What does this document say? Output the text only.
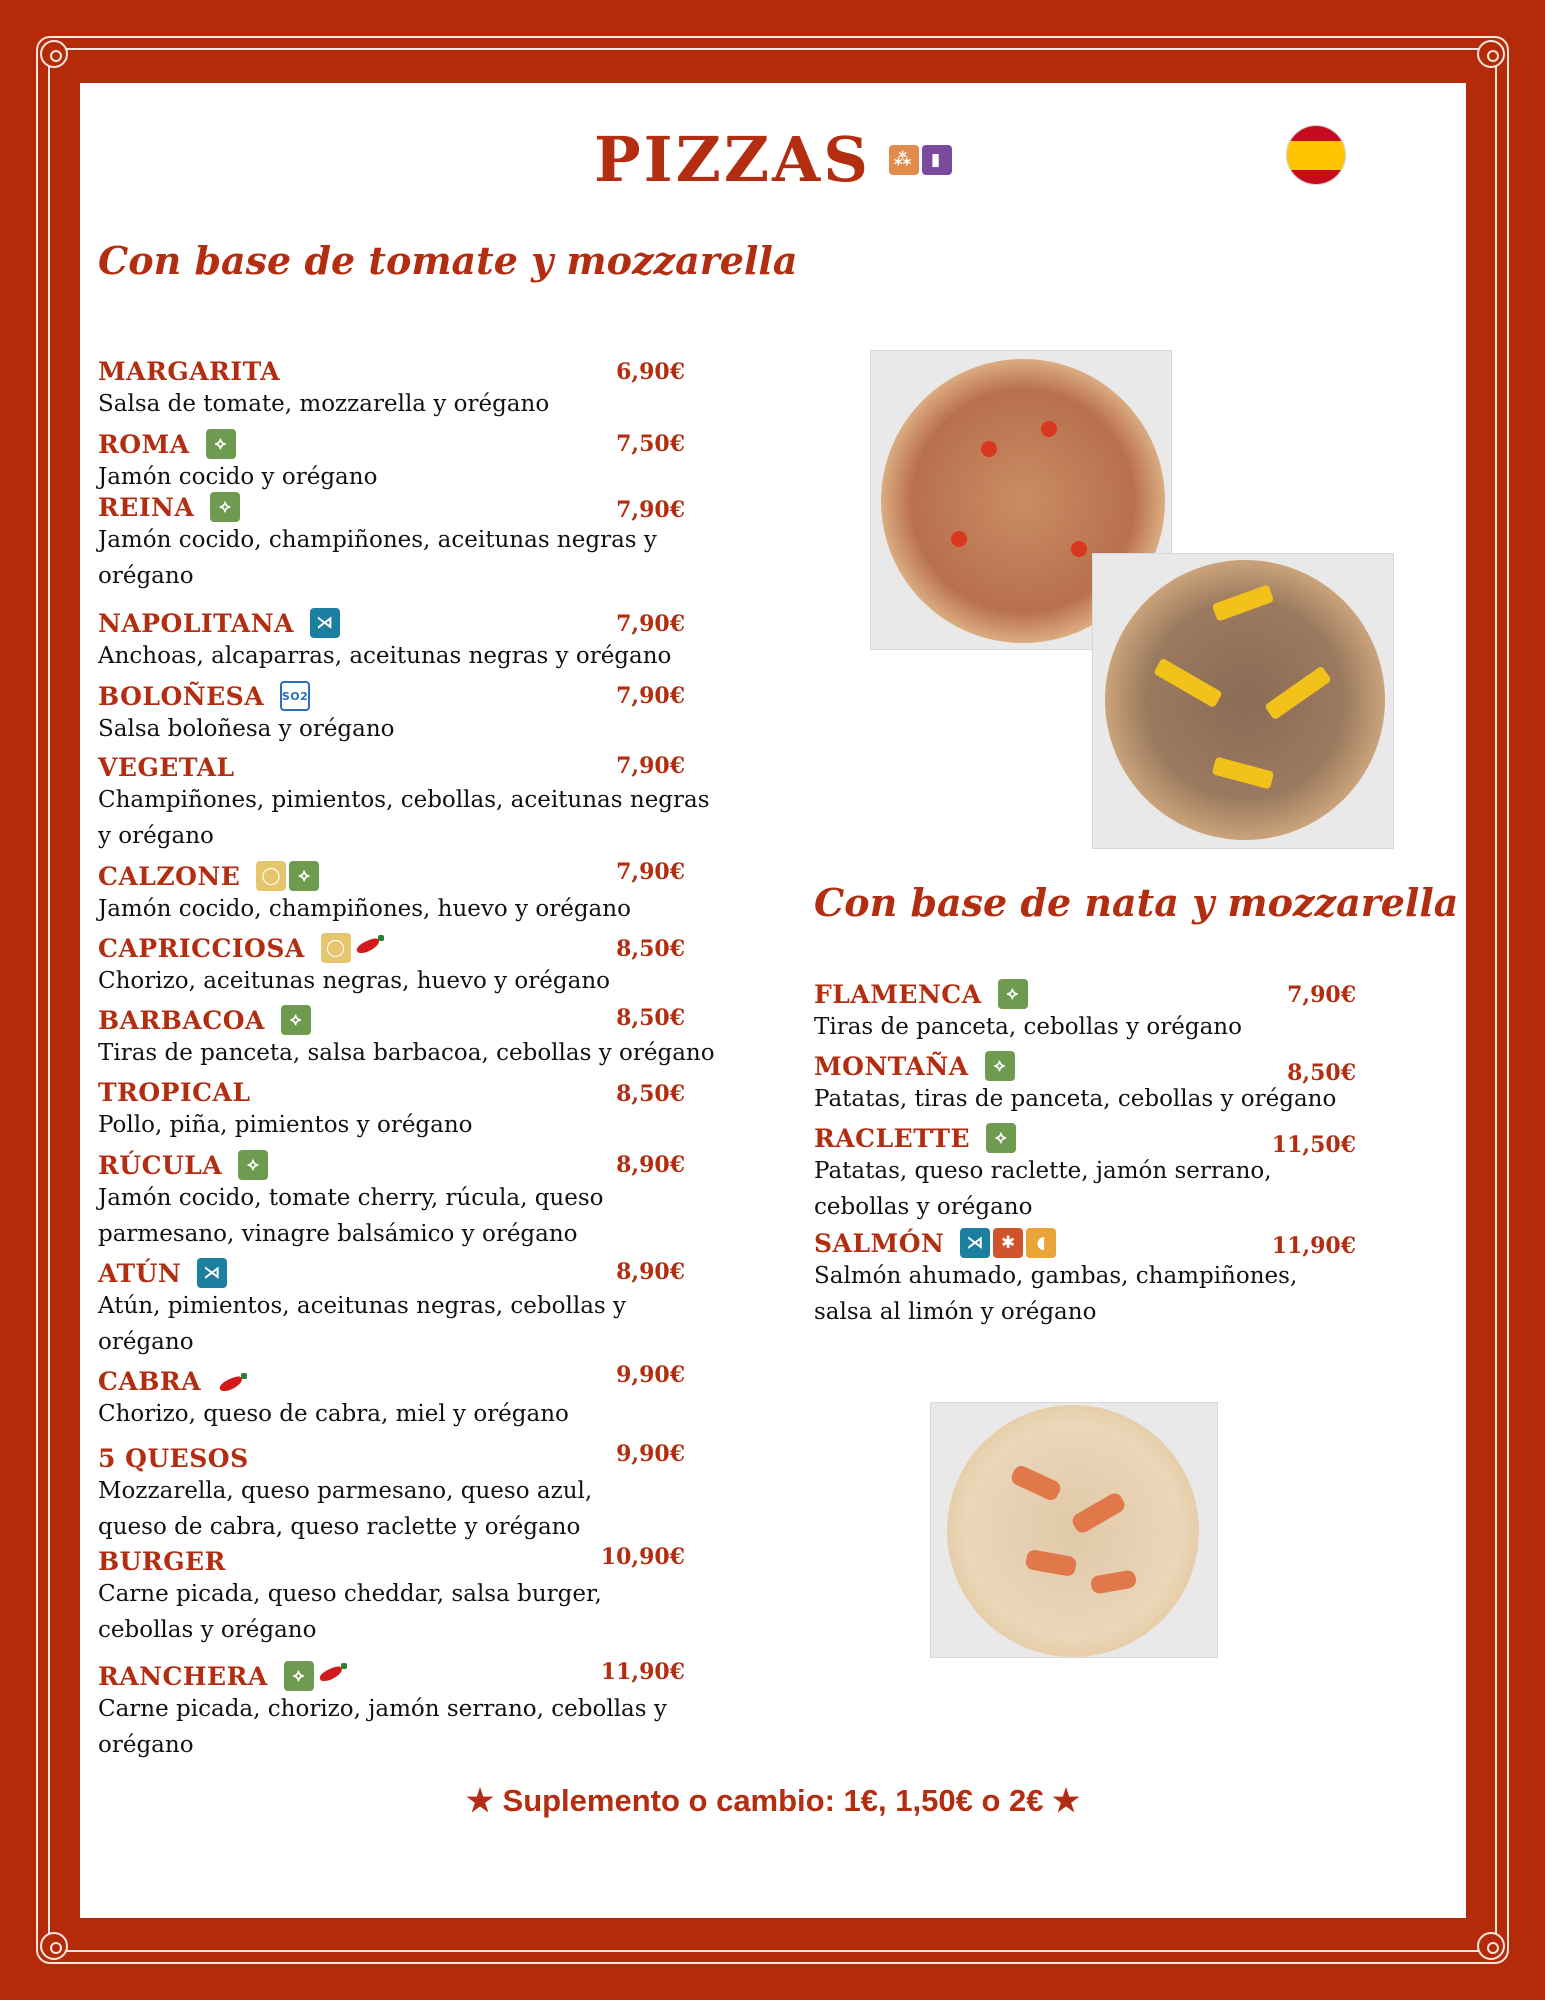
PIZZAS ⁂ ▮
Con base de tomate y mozzarella
MARGARITA
Salsa de tomate, mozzarella y orégano
6,90€
ROMA	⟡
Jamón cocido y orégano
7,50€
REINA	⟡
Jamón cocido, champiñones, aceitunas negras y
orégano
7,90€
NAPOLITANA	⋊
Anchoas, alcaparras, aceitunas negras y orégano
7,90€
BOLOÑESA SO2
Salsa boloñesa y orégano
7,90€
VEGETAL
Champiñones, pimientos, cebollas, aceitunas negras
y orégano
7,90€
CALZONE	◯	⟡
Jamón cocido, champiñones, huevo y orégano
7,90€
CAPRICCIOSA	◯
Chorizo, aceitunas negras, huevo y orégano
8,50€
BARBACOA	⟡
Tiras de panceta, salsa barbacoa, cebollas y orégano
8,50€
TROPICAL
Pollo, piña, pimientos y orégano
8,50€
RÚCULA	⟡
Jamón cocido, tomate cherry, rúcula, queso
parmesano, vinagre balsámico y orégano
8,90€
ATÚN	⋊
Atún, pimientos, aceitunas negras, cebollas y
orégano
8,90€
CABRA
Chorizo, queso de cabra, miel y orégano
9,90€
5 QUESOS
Mozzarella, queso parmesano, queso azul,
queso de cabra, queso raclette y orégano
9,90€
BURGER
Carne picada, queso cheddar, salsa burger,
cebollas y orégano
10,90€
RANCHERA	⟡
Carne picada, chorizo, jamón serrano, cebollas y
orégano
11,90€
Con base de nata y mozzarella
FLAMENCA	⟡
Tiras de panceta, cebollas y orégano
7,90€
MONTAÑA	⟡
Patatas, tiras de panceta, cebollas y orégano
8,50€
RACLETTE	⟡
Patatas, queso raclette, jamón serrano,
cebollas y orégano
11,50€
SALMÓN	⋊ ✱	◖
Salmón ahumado, gambas, champiñones,
salsa al limón y orégano
11,90€
★ Suplemento o cambio: 1€, 1,50€ o 2€ ★
